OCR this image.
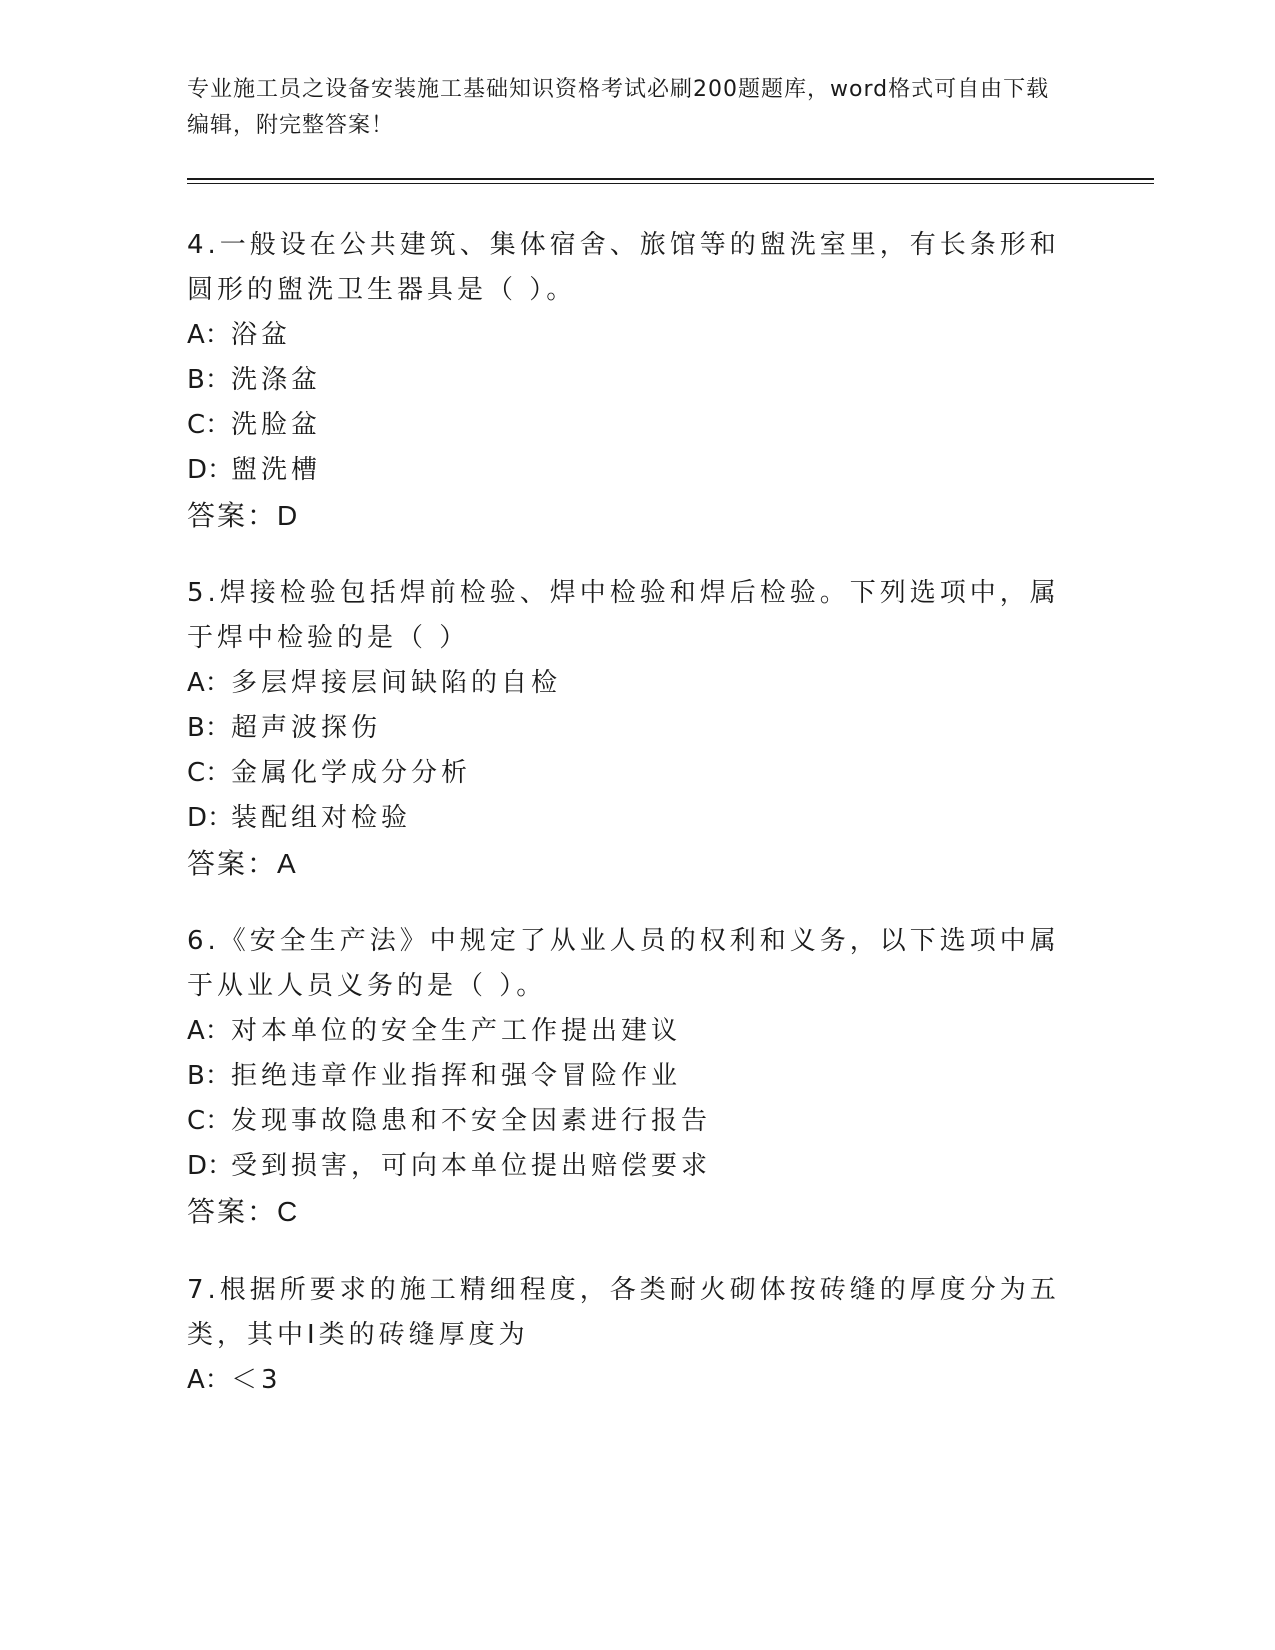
专业施工员之设备安装施工基础知识资格考试必刷200题题库，word格式可自由下载编辑，附完整答案！
4.一般设在公共建筑、集体宿舍、旅馆等的盥洗室里，有长条形和圆形的盥洗卫生器具是（ ）。
A：浴盆
B：洗涤盆
C：洗脸盆
D：盥洗槽
答案：D
5.焊接检验包括焊前检验、焊中检验和焊后检验。下列选项中，属于焊中检验的是（ ）
A：多层焊接层间缺陷的自检
B：超声波探伤
C：金属化学成分分析
D：装配组对检验
答案：A
6.《安全生产法》中规定了从业人员的权利和义务，以下选项中属于从业人员义务的是（ ）。
A：对本单位的安全生产工作提出建议
B：拒绝违章作业指挥和强令冒险作业
C：发现事故隐患和不安全因素进行报告
D：受到损害，可向本单位提出赔偿要求
答案：C
7.根据所要求的施工精细程度，各类耐火砌体按砖缝的厚度分为五类，其中Ⅰ类的砖缝厚度为
A：＜3
